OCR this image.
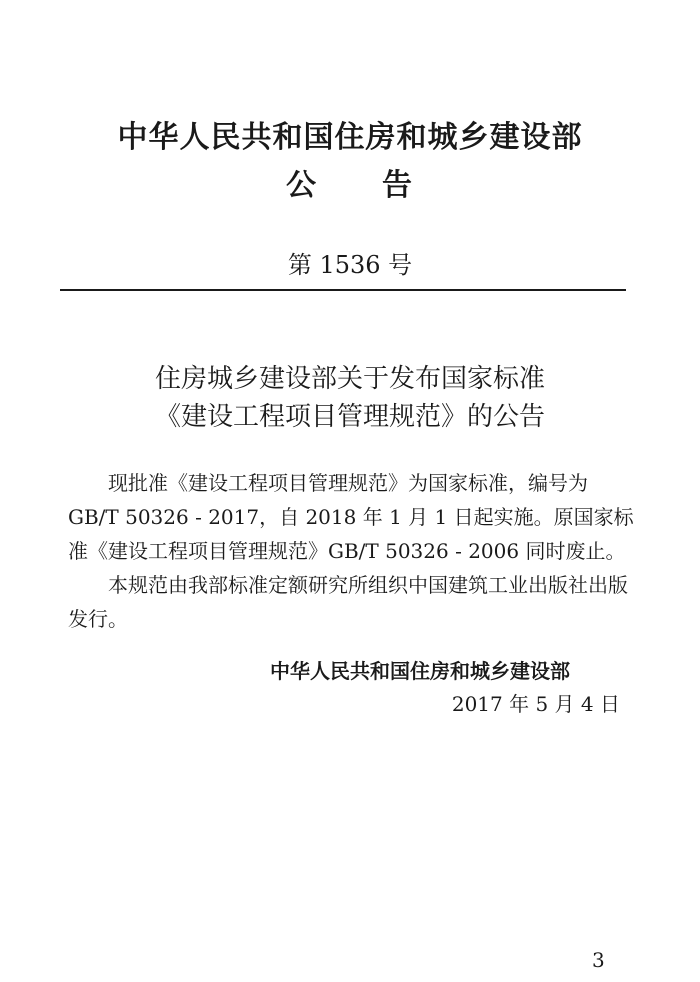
中华人民共和国住房和城乡建设部
公　　告
第 1536 号
住房城乡建设部关于发布国家标准
《建设工程项目管理规范》的公告

现批准《建设工程项目管理规范》为国家标准，编号为 GB/T 50326 - 2017，自 2018 年 1 月 1 日起实施。原国家标准《建设工程项目管理规范》GB/T 50326 - 2006 同时废止。

本规范由我部标准定额研究所组织中国建筑工业出版社出版发行。

中华人民共和国住房和城乡建设部
2017 年 5 月 4 日
3
